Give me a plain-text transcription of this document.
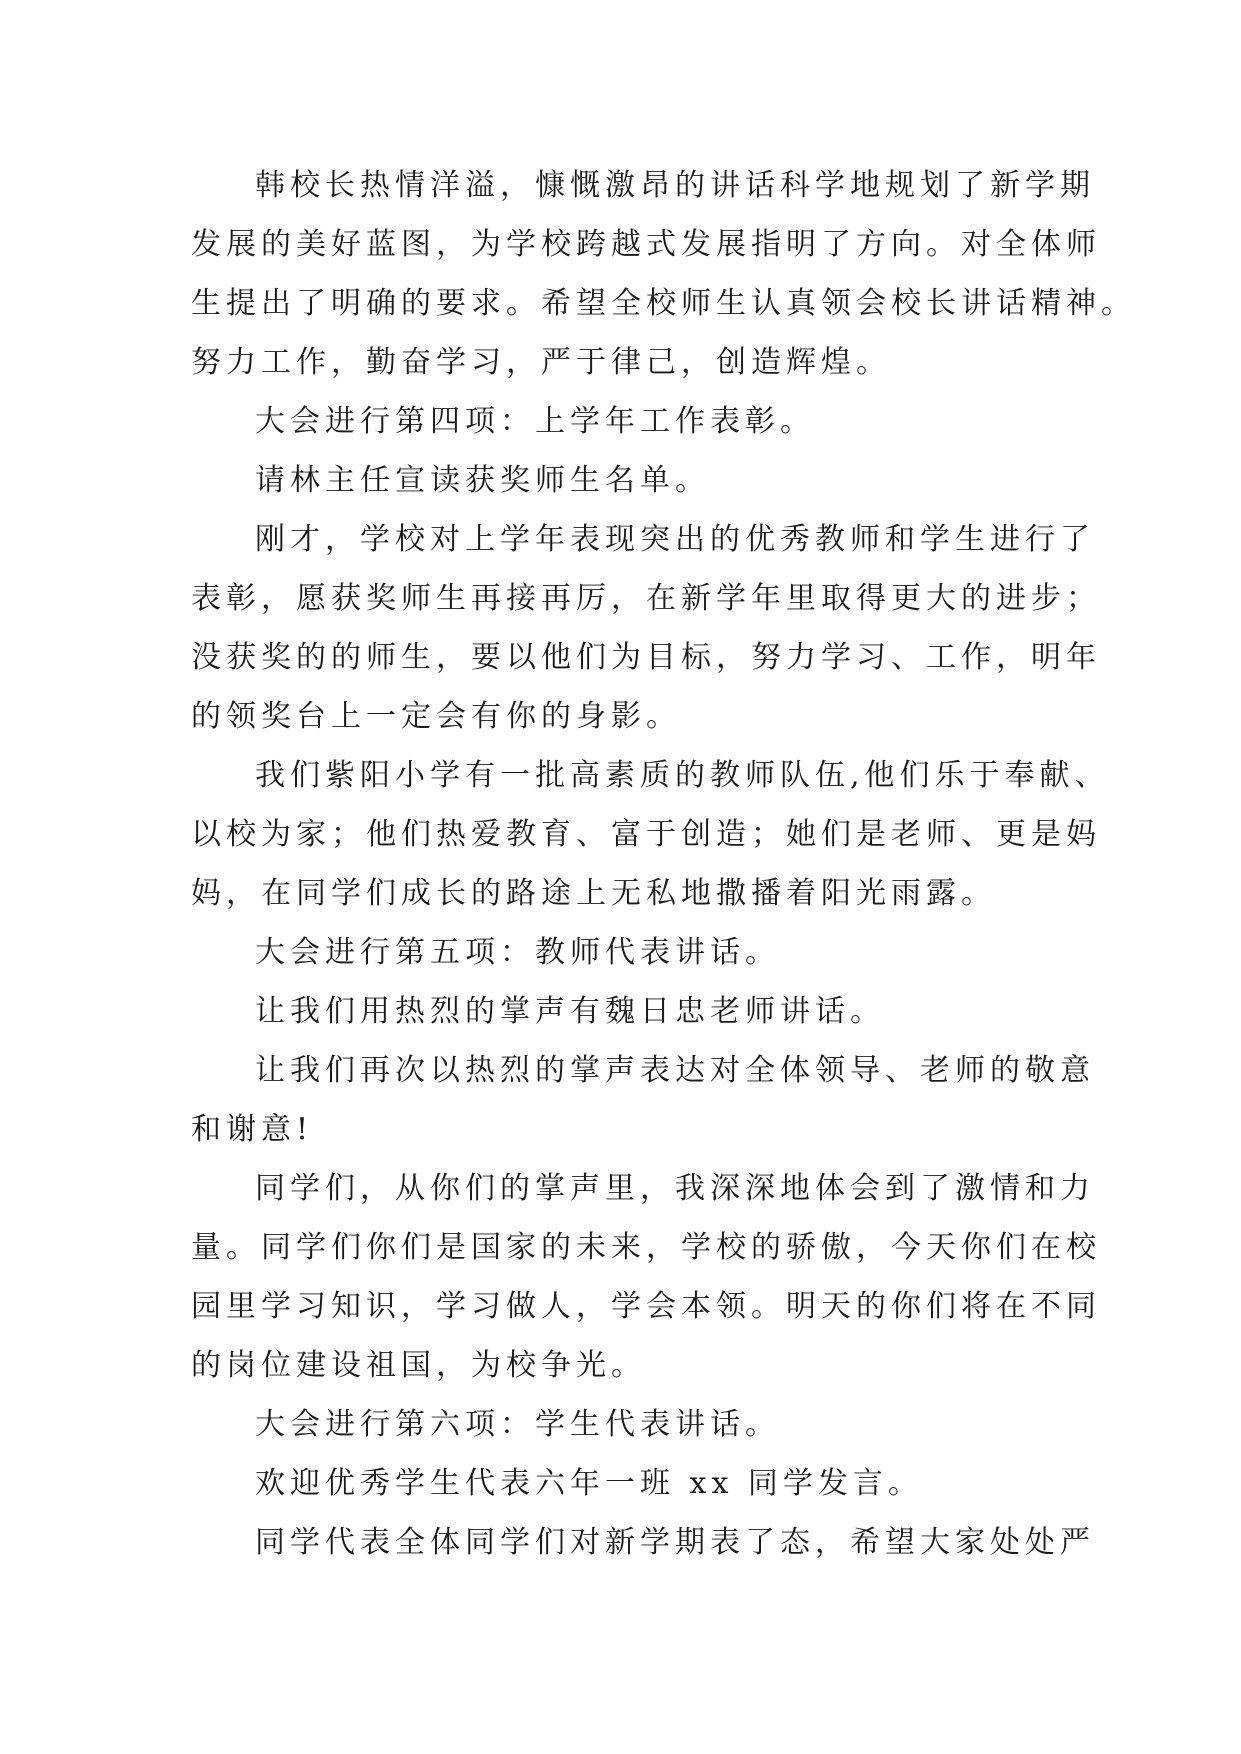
韩校长热情洋溢，慷慨激昂的讲话科学地规划了新学期

发展的美好蓝图，为学校跨越式发展指明了方向。对全体师

生提出了明确的要求。希望全校师生认真领会校长讲话精神。

努力工作，勤奋学习，严于律己，创造辉煌。

大会进行第四项：上学年工作表彰。

请林主任宣读获奖师生名单。

刚才，学校对上学年表现突出的优秀教师和学生进行了

表彰，愿获奖师生再接再厉，在新学年里取得更大的进步；

没获奖的的师生，要以他们为目标，努力学习、工作，明年

的领奖台上一定会有你的身影。

我们紫阳小学有一批高素质的教师队伍,他们乐于奉献、

以校为家；他们热爱教育、富于创造；她们是老师、更是妈

妈，在同学们成长的路途上无私地撒播着阳光雨露。

大会进行第五项：教师代表讲话。

让我们用热烈的掌声有魏日忠老师讲话。

让我们再次以热烈的掌声表达对全体领导、老师的敬意

和谢意!

同学们，从你们的掌声里，我深深地体会到了激情和力

量。同学们你们是国家的未来，学校的骄傲，今天你们在校

园里学习知识，学习做人，学会本领。明天的你们将在不同

的岗位建设祖国，为校争光。

大会进行第六项：学生代表讲话。

欢迎优秀学生代表六年一班 xx 同学发言。

同学代表全体同学们对新学期表了态，希望大家处处严
